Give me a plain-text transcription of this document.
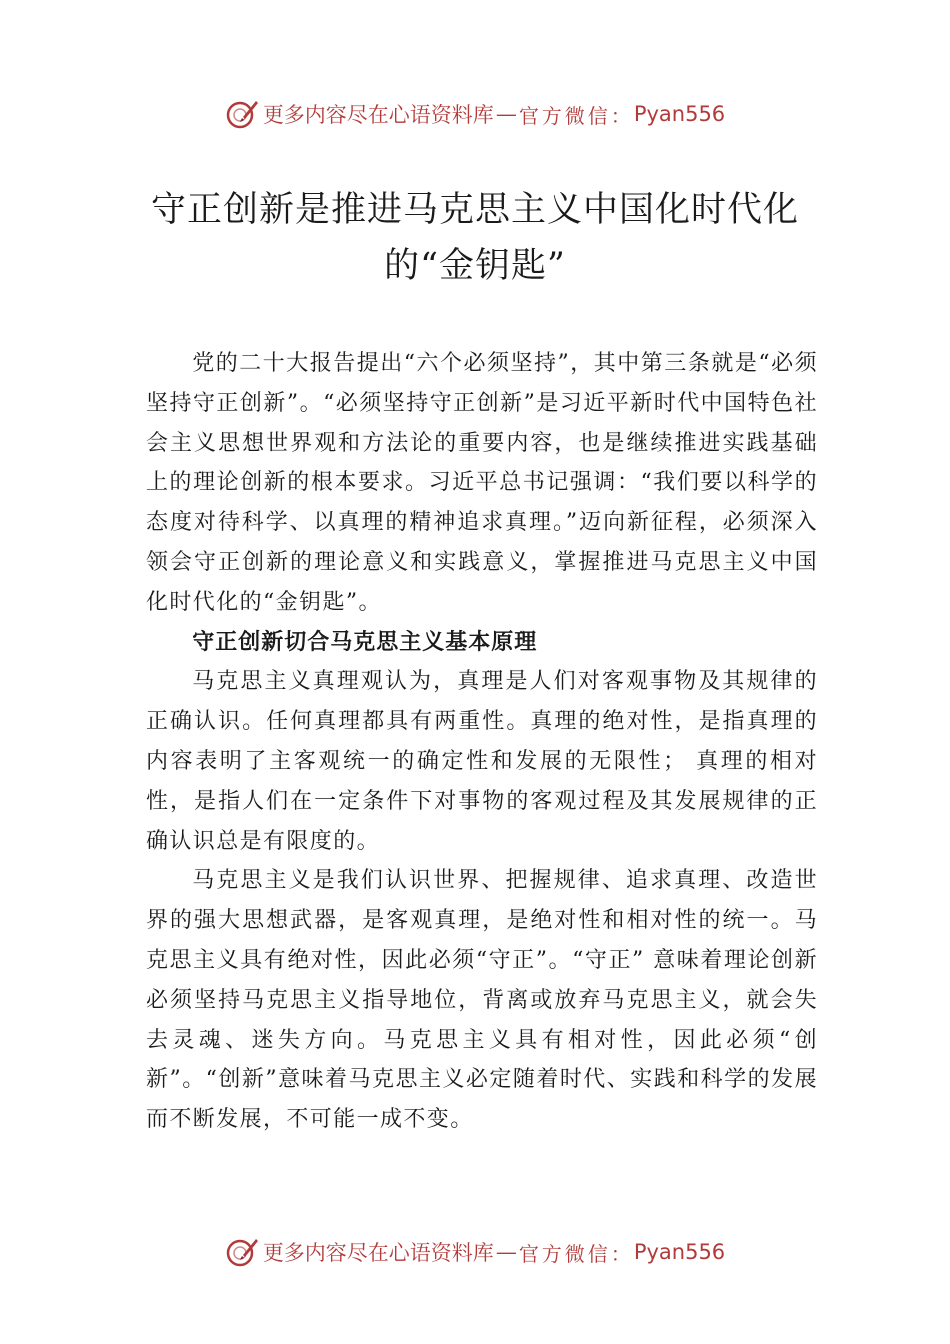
更多内容尽在心语资料库 — 官方微信： Pyan556
守正创新是推进马克思主义中国化时代化
的“金钥匙”

党的二十大报告提出“六个必须坚持”，其中第三条就是“必须坚持守正创新”。“必须坚持守正创新”是习近平新时代中国特色社会主义思想世界观和方法论的重要内容，也是继续推进实践基础上的理论创新的根本要求。习近平总书记强调：“我们要以科学的态度对待科学、以真理的精神追求真理。”迈向新征程，必须深入领会守正创新的理论意义和实践意义，掌握推进马克思主义中国化时代化的“金钥匙”。

守正创新切合马克思主义基本原理

马克思主义真理观认为，真理是人们对客观事物及其规律的正确认识。任何真理都具有两重性。真理的绝对性，是指真理的内容表明了主客观统一的确定性和发展的无限性； 真理的相对性，是指人们在一定条件下对事物的客观过程及其发展规律的正确认识总是有限度的。

马克思主义是我们认识世界、把握规律、追求真理、改造世界的强大思想武器，是客观真理，是绝对性和相对性的统一。马克思主义具有绝对性，因此必须“守正”。“守正” 意味着理论创新必须坚持马克思主义指导地位，背离或放弃马克思主义，就会失去灵魂、迷失方向。马克思主义具有相对性，因此必须“创新”。“创新”意味着马克思主义必定随着时代、实践和科学的发展而不断发展，不可能一成不变。

更多内容尽在心语资料库 — 官方微信： Pyan556
